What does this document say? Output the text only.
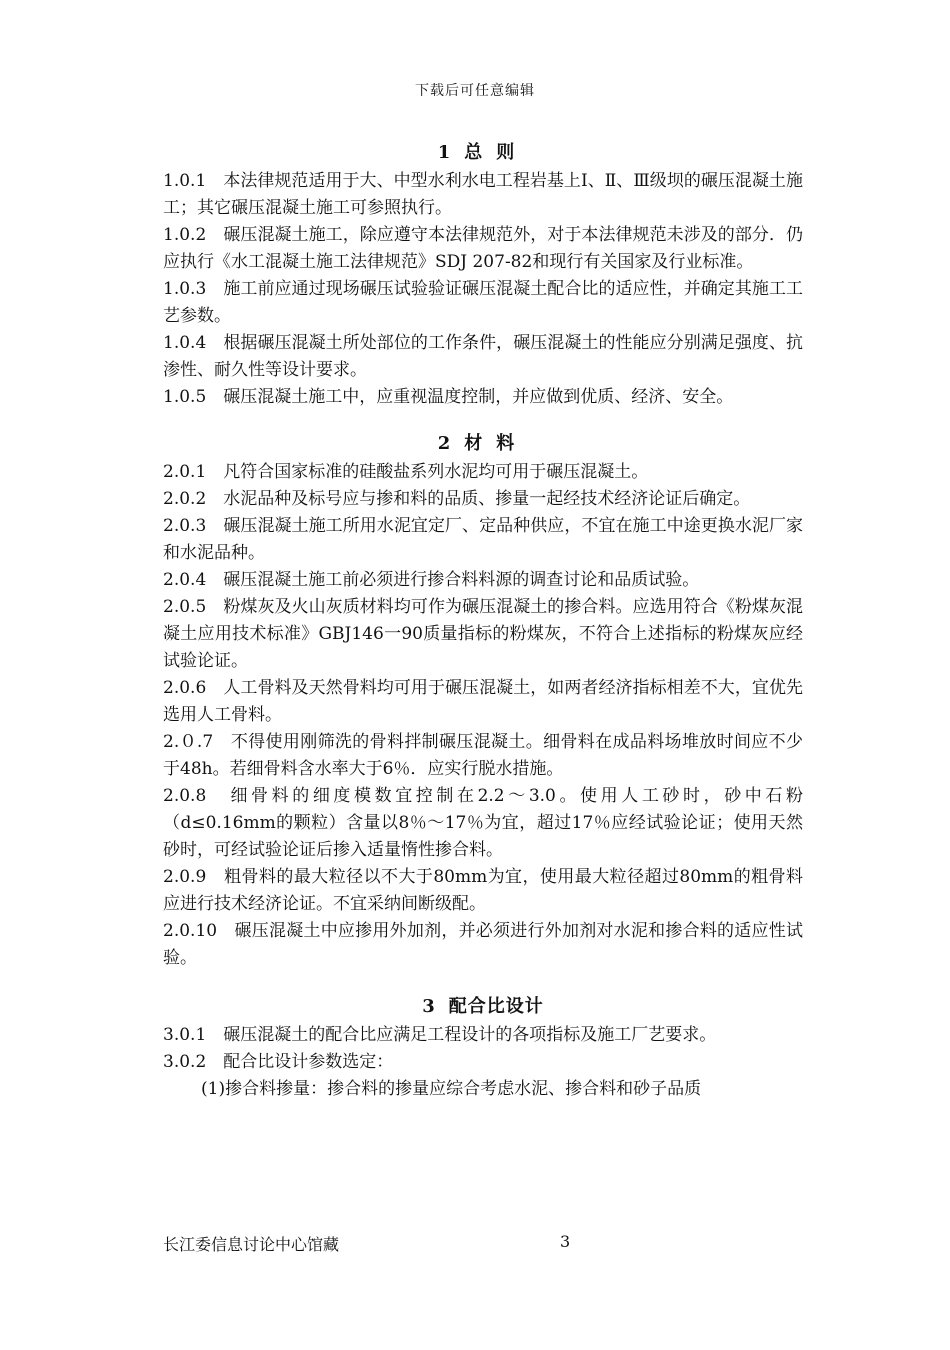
下载后可任意编辑
1 总则
1.0.1　本法律规范适用于大、中型水利水电工程岩基上Ⅰ、Ⅱ、Ⅲ级坝的碾压混凝土施工；其它碾压混凝土施工可参照执行。
1.0.2　碾压混凝土施工，除应遵守本法律规范外，对于本法律规范未涉及的部分．仍应执行《水工混凝土施工法律规范》SDJ 207-82和现行有关国家及行业标准。
1.0.3　施工前应通过现场碾压试验验证碾压混凝土配合比的适应性，并确定其施工工艺参数。
1.0.4　根据碾压混凝土所处部位的工作条件，碾压混凝土的性能应分别满足强度、抗渗性、耐久性等设计要求。
1.0.5　碾压混凝土施工中，应重视温度控制，并应做到优质、经济、安全。
2 材料
2.0.1　凡符合国家标准的硅酸盐系列水泥均可用于碾压混凝土。
2.0.2　水泥品种及标号应与掺和料的品质、掺量一起经技术经济论证后确定。
2.0.3　碾压混凝土施工所用水泥宜定厂、定品种供应，不宜在施工中途更换水泥厂家和水泥品种。
2.0.4　碾压混凝土施工前必须进行掺合料料源的调查讨论和品质试验。
2.0.5　粉煤灰及火山灰质材料均可作为碾压混凝土的掺合料。应选用符合《粉煤灰混凝土应用技术标准》GBJ146一90质量指标的粉煤灰，不符合上述指标的粉煤灰应经试验论证。
2.0.6　人工骨料及天然骨料均可用于碾压混凝土，如两者经济指标相差不大，宜优先选用人工骨料。
2.０.7　不得使用刚筛洗的骨料拌制碾压混凝土。细骨料在成品料场堆放时间应不少于48h。若细骨料含水率大于6％．应实行脱水措施。
2.0.8　细骨料的细度模数宜控制在2.2～3.0。使用人工砂时，砂中石粉（d≤0.16mm的颗粒）含量以8％～17％为宜，超过17％应经试验论证；使用天然砂时，可经试验论证后掺入适量惰性掺合料。
2.0.9　粗骨料的最大粒径以不大于80mm为宜，使用最大粒径超过80mm的粗骨料应进行技术经济论证。不宜采纳间断级配。
2.0.10　碾压混凝土中应掺用外加剂，并必须进行外加剂对水泥和掺合料的适应性试验。
3 配合比设计
3.0.1　碾压混凝土的配合比应满足工程设计的各项指标及施工厂艺要求。
3.0.2　配合比设计参数选定：
(1)掺合料掺量：掺合料的掺量应综合考虑水泥、掺合料和砂子品质
长江委信息讨论中心馆藏	3
